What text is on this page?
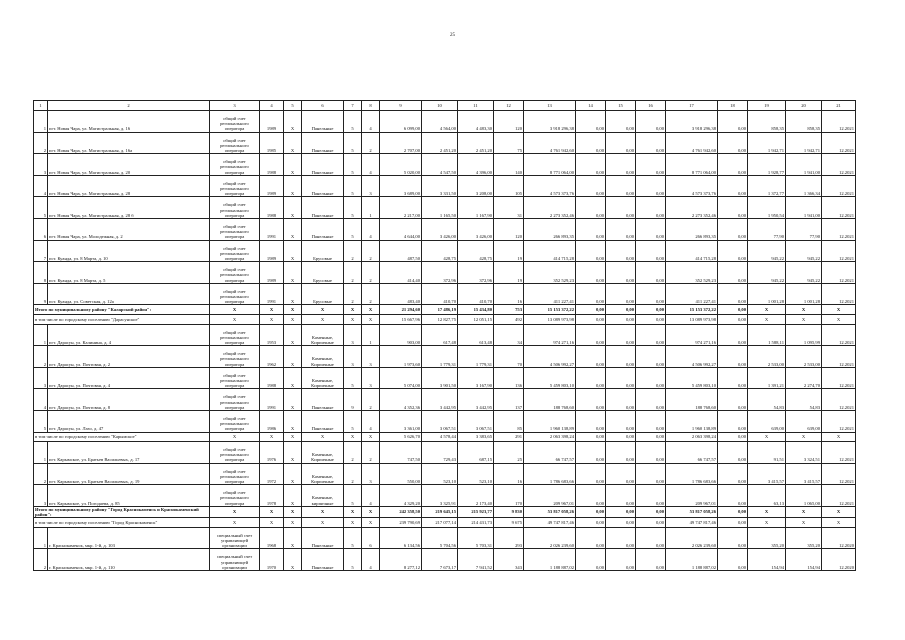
25
1	2	3	4	5	6	7	8	9	10	11	12	13	14	15	16	17	18	19	20	21
1	пгт. Новая Чара, ул. Магистральная, д. 16	общий счет регионального оператора	1989	Х	Панельные	5	4	6 099,00	4 564,00	4 483,30	120	3 918 296,38	0,00	0,00	0,00	3 918 296,38	0,00	858,35	858,35	12.2021
2	пгт. Новая Чара, ул. Магистральная, д. 16а	общий счет регионального оператора	1985	Х	Панельные	5	2	2 707,00	2 451,20	2 451,20	75	4 761 942,60	0,00	0,00	0,00	4 761 942,60	0,00	1 942,71	1 942,71	12.2021
3	пгт. Новая Чара, ул. Магистральная, д. 20	общий счет регионального оператора	1988	Х	Панельные	5	4	5 020,00	4 547,50	4 396,00	140	8 771 064,00	0,00	0,00	0,00	8 771 064,00	0,00	1 928,77	1 941,00	12.2021
4	пгт. Новая Чара, ул. Магистральная, д. 28	общий счет регионального оператора	1989	Х	Панельные	5	3	3 689,00	3 331,50	3 208,00	105	4 573 373,76	0,00	0,00	0,00	4 573 373,76	0,00	1 372,77	1 366,34	12.2021
5	пгт. Новая Чара, ул. Магистральная, д. 28 б	общий счет регионального оператора	1988	Х	Панельные	5	1	2 217,00	1 165,50	1 167,90	31	2 273 352,46	0,00	0,00	0,00	2 273 352,46	0,00	1 950,54	1 941,00	12.2021
6	пгт. Новая Чара, ул. Молодежная, д. 2	общий счет регионального оператора	1991	Х	Панельные	5	4	4 644,00	3 426,00	3 426,00	120	266 893,35	0,00	0,00	0,00	266 893,35	0,00	77,90	77,90	12.2021
7	пст. Куанда, ул. 8 Марта, д. 10	общий счет регионального оператора	1989	Х	Брусовые	2	2	487,50	428,75	428,75	19	414 715,28	0,00	0,00	0,00	414 715,28	0,00	945,22	945,22	12.2021
8	пст. Куанда, ул. 8 Марта, д. 5	общий счет регионального оператора	1989	Х	Брусовые	2	2	414,40	372,96	372,96	19	352 529,23	0,00	0,00	0,00	352 529,23	0,00	945,22	945,22	12.2021
9	пст. Куанда, ул. Советская, д. 12а	общий счет регионального оператора	1991	Х	Брусовые	2	2	483,40	410,70	410,70	16	411 227,41	0,00	0,00	0,00	411 227,41	0,00	1 001,28	1 001,28	12.2021
Итого по муниципальному району "Каларский район":		Х	Х	Х	Х	Х	Х	21 294,60	17 486,19	15 434,80	753	15 153 372,22	0,00	0,00	0,00	15 153 372,22	0,00	Х	Х	Х
в том числе по городскому поселению "Дарасунское"		Х	Х	Х	Х	Х	Х	15 667,96	12 827,75	12 051,15	492	13 089 973,98	0,00	0,00	0,00	13 089 973,98	0,00	Х	Х	Х
1	пгт. Дарасун, ул. Калинина, д. 4	общий счет регионального оператора	1953	Х	Каменные, Кирпичные	3	1	903,00	617,48	613,48	34	974 271,16	0,00	0,00	0,00	974 271,16	0,00	1 588,11	1 095,99	12.2021
2	пгт. Дарасун, ул. Почтовая, д. 2	общий счет регионального оператора	1962	Х	Каменные, Кирпичные	3	3	1 973,60	1 779,31	1 779,31	70	4 506 992,27	0,00	0,00	0,00	4 506 992,27	0,00	2 533,00	2 533,00	12.2021
3	пгт. Дарасун, ул. Почтовая, д. 4	общий счет регионального оператора	1988	Х	Каменные, Кирпичные	5	3	5 074,00	3 901,50	3 167,90	136	5 459 803,10	0,00	0,00	0,00	5 459 803,10	0,00	1 391,21	2 274,70	12.2021
4	пгт. Дарасун, ул. Почтовая, д. 8	общий счет регионального оператора	1991	Х	Панельные	9	2	4 352,36	3 442,95	3 442,95	137	188 768,60	0,00	0,00	0,00	188 768,60	0,00	54,83	54,83	12.2021
5	пгт. Дарасун, ул. Лазо, д. 47	общий счет регионального оператора	1986	Х	Панельные	5	4	3 361,00	3 067,51	3 067,51	85	1 960 138,89	0,00	0,00	0,00	1 960 138,89	0,00	639,00	639,00	12.2021
в том числе по городскому поселению "Карымское"		Х	Х	Х	Х	Х	Х	5 626,70	4 578,44	3 383,65	291	2 063 398,24	0,00	0,00	0,00	2 063 398,24	0,00	Х	Х	Х
1	пгт. Карымское, ул. Братьев Васильевых, д. 17	общий счет регионального оператора	1976	Х	Каменные, Кирпичные	2	2	747,50	729,43	687,15	25	66 747,57	0,00	0,00	0,00	66 747,57	0,00	91,51	3 324,51	12.2021
2	пгт. Карымское, ул. Братьев Васильевых, д. 19	общий счет регионального оператора	1972	Х	Каменные, Кирпичные	2	3	550,00	523,10	523,10	16	1 786 683,66	0,00	0,00	0,00	1 786 683,66	0,00	3 415,57	3 415,57	12.2021
3	пгт. Карымское, ул. Погодаева, д. 85	общий счет регионального оператора	1978	Х	Каменные, кирпичные	5	4	4 329,20	3 325,91	2 173,40	170	209 967,01	0,00	0,00	0,00	209 967,01	0,00	63,13	1 065,00	12.2021
Итого по муниципальному району "Город Краснокаменск и Краснокаменский район":		Х	Х	Х	Х	Х	Х	242 358,50	219 645,15	215 923,77	9 830	53 817 058,26	0,00	0,00	0,00	53 817 058,26	0,00	Х	Х	Х
в том числе по городскому поселению "Город Краснокаменск"		Х	Х	Х	Х	Х	Х	239 790,69	217 077,14	214 431,73	9 675	49 747 817,46	0,00	0,00	0,00	49 747 817,46	0,00	Х	Х	Х
1	г. Краснокаменск, мкр. 1-й, д. 103	специальный счет управляющей организации	1968	Х	Панельные	5	6	6 134,56	5 704,56	5 703,31	293	2 026 239,60	0,00	0,00	0,00	2 026 239,60	0,00	355,20	355,20	12.2020
2	г. Краснокаменск, мкр. 1-й, д. 110	специальный счет управляющей организации	1970	Х	Панельные	5	4	8 277,12	7 673,17	7 941,52	343	1 188 887,02	0,00	0,00	0,00	1 188 887,02	0,00	154,94	154,94	12.2020
